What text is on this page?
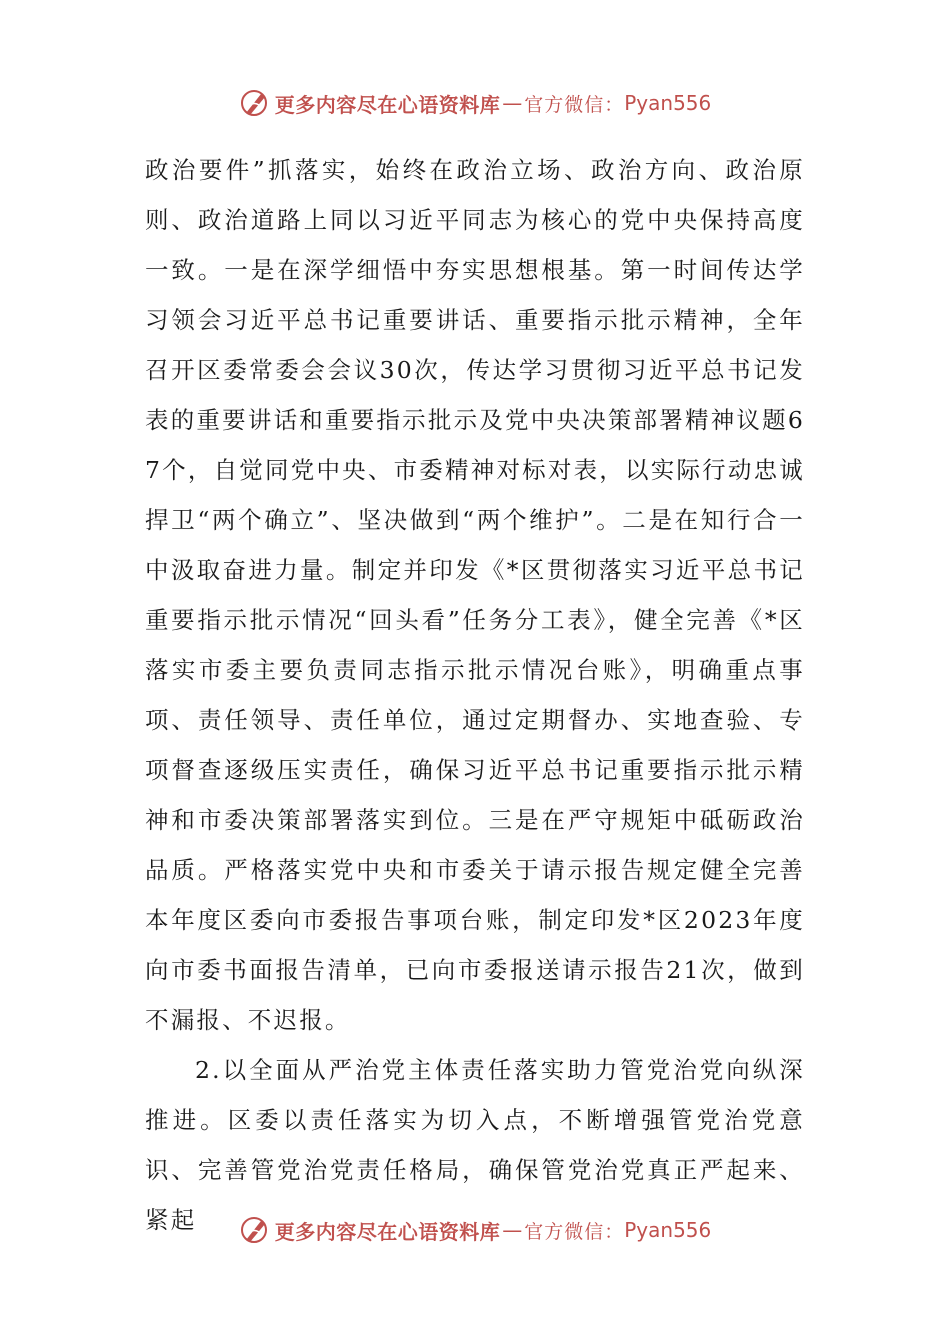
更多内容尽在心语资料库 — 官方微信： Pyan556

政治要件”抓落实，始终在政治立场、政治方向、政治原则、政治道路上同以习近平同志为核心的党中央保持高度一致。一是在深学细悟中夯实思想根基。第一时间传达学习领会习近平总书记重要讲话、重要指示批示精神，全年召开区委常委会会议30次，传达学习贯彻习近平总书记发表的重要讲话和重要指示批示及党中央决策部署精神议题67个，自觉同党中央、市委精神对标对表，以实际行动忠诚捍卫“两个确立”、坚决做到“两个维护”。二是在知行合一中汲取奋进力量。制定并印发《*区贯彻落实习近平总书记重要指示批示情况“回头看”任务分工表》，健全完善《*区落实市委主要负责同志指示批示情况台账》，明确重点事项、责任领导、责任单位，通过定期督办、实地查验、专项督查逐级压实责任，确保习近平总书记重要指示批示精神和市委决策部署落实到位。三是在严守规矩中砥砺政治品质。严格落实党中央和市委关于请示报告规定健全完善本年度区委向市委报告事项台账，制定印发*区2023年度向市委书面报告清单，已向市委报送请示报告21次，做到不漏报、不迟报。

2.以全面从严治党主体责任落实助力管党治党向纵深推进。区委以责任落实为切入点，不断增强管党治党意识、完善管党治党责任格局，确保管党治党真正严起来、紧起	更多内容尽在心语资料库 — 官方微信： Pyan556
